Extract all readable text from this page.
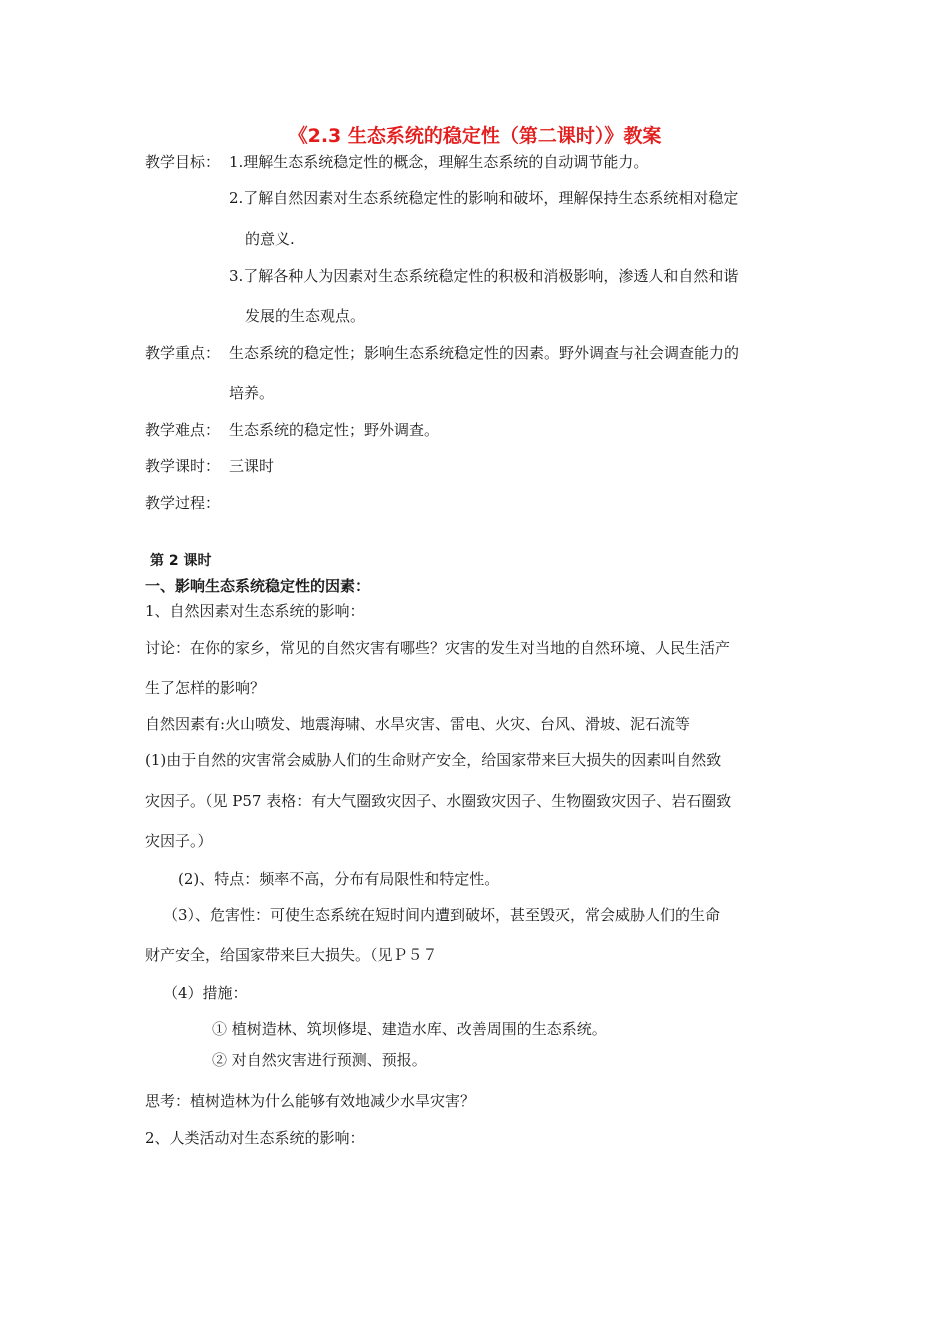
《2.3 生态系统的稳定性（第二课时）》教案
教学目标： 1.理解生态系统稳定性的概念，理解生态系统的自动调节能力。
2.了解自然因素对生态系统稳定性的影响和破坏，理解保持生态系统相对稳定
的意义.
3.了解各种人为因素对生态系统稳定性的积极和消极影响，渗透人和自然和谐
发展的生态观点。
教学重点： 生态系统的稳定性；影响生态系统稳定性的因素。野外调查与社会调查能力的
培养。
教学难点： 生态系统的稳定性；野外调查。
教学课时： 三课时
教学过程：
第 2 课时
一、影响生态系统稳定性的因素：
1、自然因素对生态系统的影响：
讨论：在你的家乡，常见的自然灾害有哪些？灾害的发生对当地的自然环境、人民生活产
生了怎样的影响？
自然因素有:火山喷发、地震海啸、水旱灾害、雷电、火灾、台风、滑坡、泥石流等
(1)由于自然的灾害常会威胁人们的生命财产安全，给国家带来巨大损失的因素叫自然致
灾因子。（见 P57 表格：有大气圈致灾因子、水圈致灾因子、生物圈致灾因子、岩石圈致
灾因子。）
(2)、特点：频率不高，分布有局限性和特定性。
（3）、危害性：可使生态系统在短时间内遭到破坏，甚至毁灭，常会威胁人们的生命
财产安全，给国家带来巨大损失。（见Ｐ５７
（4）措施：
① 植树造林、筑坝修堤、建造水库、改善周围的生态系统。
② 对自然灾害进行预测、预报。
思考：植树造林为什么能够有效地减少水旱灾害？
2、人类活动对生态系统的影响：
